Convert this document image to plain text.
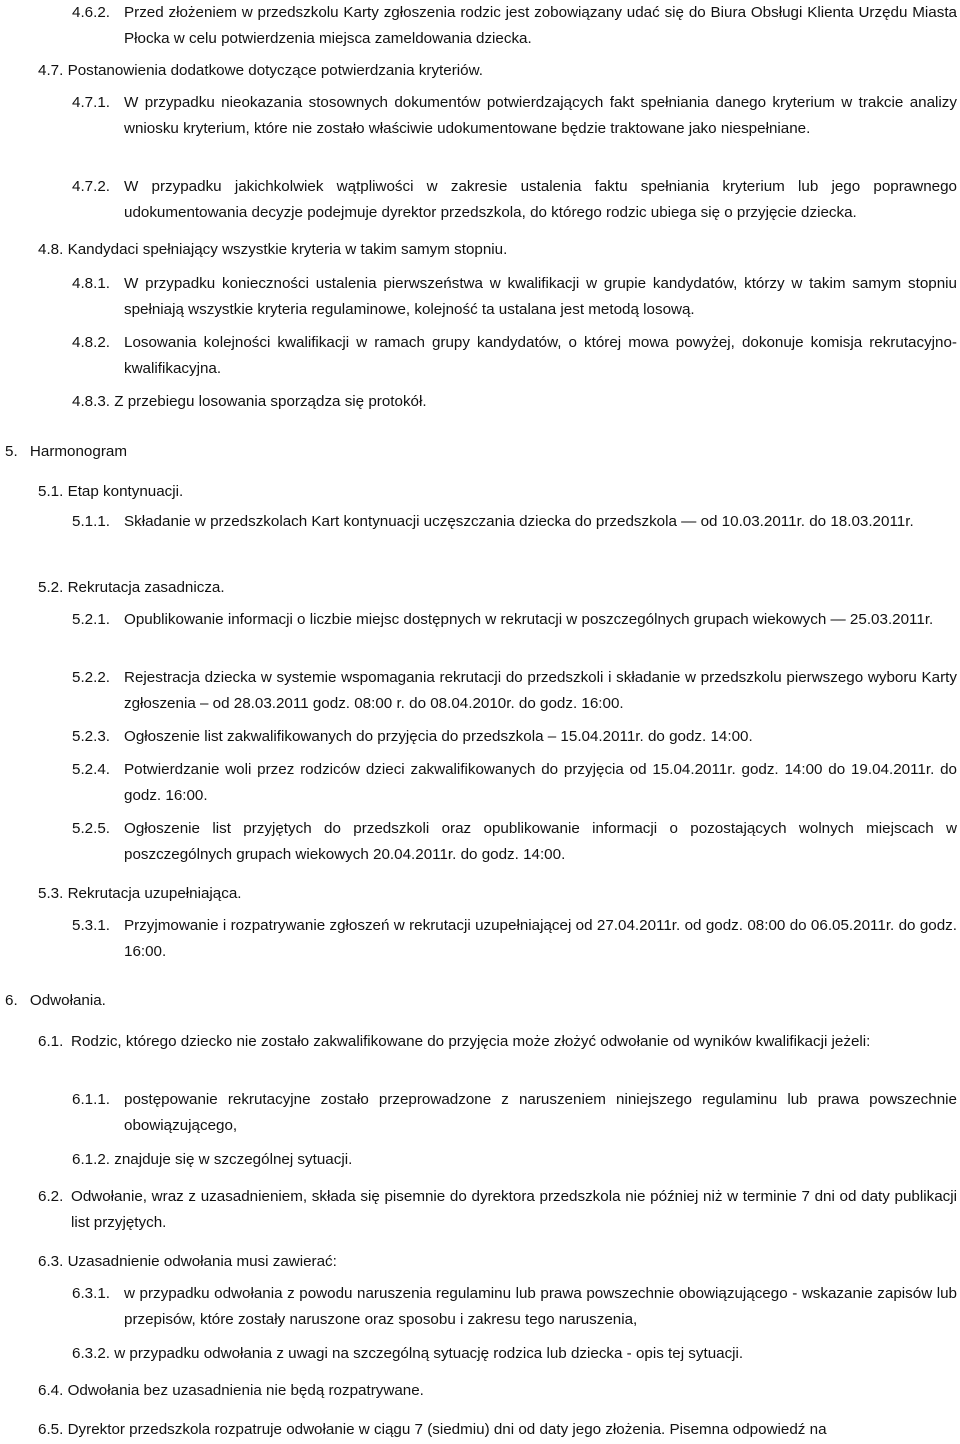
4.6.2. Przed złożeniem w przedszkolu Karty zgłoszenia rodzic jest zobowiązany udać się do Biura Obsługi Klienta Urzędu Miasta Płocka w celu potwierdzenia miejsca zameldowania dziecka.
4.7. Postanowienia dodatkowe dotyczące potwierdzania kryteriów.
4.7.1. W przypadku nieokazania stosownych dokumentów potwierdzających fakt spełniania danego kryterium w trakcie analizy wniosku kryterium, które nie zostało właściwie udokumentowane będzie traktowane jako niespełniane.
4.7.2. W przypadku jakichkolwiek wątpliwości w zakresie ustalenia faktu spełniania kryterium lub jego poprawnego udokumentowania decyzje podejmuje dyrektor przedszkola, do którego rodzic ubiega się o przyjęcie dziecka.
4.8. Kandydaci spełniający wszystkie kryteria w takim samym stopniu.
4.8.1. W przypadku konieczności ustalenia pierwszeństwa w kwalifikacji w grupie kandydatów, którzy w takim samym stopniu spełniają wszystkie kryteria regulaminowe, kolejność ta ustalana jest metodą losową.
4.8.2. Losowania kolejności kwalifikacji w ramach grupy kandydatów, o której mowa powyżej, dokonuje komisja rekrutacyjno-kwalifikacyjna.
4.8.3. Z przebiegu losowania sporządza się protokół.
5. Harmonogram
5.1. Etap kontynuacji.
5.1.1. Składanie w przedszkolach Kart kontynuacji uczęszczania dziecka do przedszkola — od 10.03.2011r. do 18.03.2011r.
5.2. Rekrutacja zasadnicza.
5.2.1. Opublikowanie informacji o liczbie miejsc dostępnych w rekrutacji w poszczególnych grupach wiekowych — 25.03.2011r.
5.2.2. Rejestracja dziecka w systemie wspomagania rekrutacji do przedszkoli i składanie w przedszkolu pierwszego wyboru Karty zgłoszenia – od 28.03.2011 godz. 08:00 r. do 08.04.2010r. do godz. 16:00.
5.2.3. Ogłoszenie list zakwalifikowanych do przyjęcia do przedszkola – 15.04.2011r. do godz. 14:00.
5.2.4. Potwierdzanie woli przez rodziców dzieci zakwalifikowanych do przyjęcia od 15.04.2011r. godz. 14:00 do 19.04.2011r. do godz. 16:00.
5.2.5. Ogłoszenie list przyjętych do przedszkoli oraz opublikowanie informacji o pozostających wolnych miejscach w poszczególnych grupach wiekowych 20.04.2011r. do godz. 14:00.
5.3. Rekrutacja uzupełniająca.
5.3.1. Przyjmowanie i rozpatrywanie zgłoszeń w rekrutacji uzupełniającej od 27.04.2011r. od godz. 08:00 do 06.05.2011r. do godz. 16:00.
6. Odwołania.
6.1. Rodzic, którego dziecko nie zostało zakwalifikowane do przyjęcia może złożyć odwołanie od wyników kwalifikacji jeżeli:
6.1.1. postępowanie rekrutacyjne zostało przeprowadzone z naruszeniem niniejszego regulaminu lub prawa powszechnie obowiązującego,
6.1.2. znajduje się w szczególnej sytuacji.
6.2. Odwołanie, wraz z uzasadnieniem, składa się pisemnie do dyrektora przedszkola nie później niż w terminie 7 dni od daty publikacji list przyjętych.
6.3. Uzasadnienie odwołania musi zawierać:
6.3.1. w przypadku odwołania z powodu naruszenia regulaminu lub prawa powszechnie obowiązującego - wskazanie zapisów lub przepisów, które zostały naruszone oraz sposobu i zakresu tego naruszenia,
6.3.2. w przypadku odwołania z uwagi na szczególną sytuację rodzica lub dziecka - opis tej sytuacji.
6.4. Odwołania bez uzasadnienia nie będą rozpatrywane.
6.5. Dyrektor przedszkola rozpatruje odwołanie w ciągu 7 (siedmiu) dni od daty jego złożenia. Pisemna odpowiedź na
